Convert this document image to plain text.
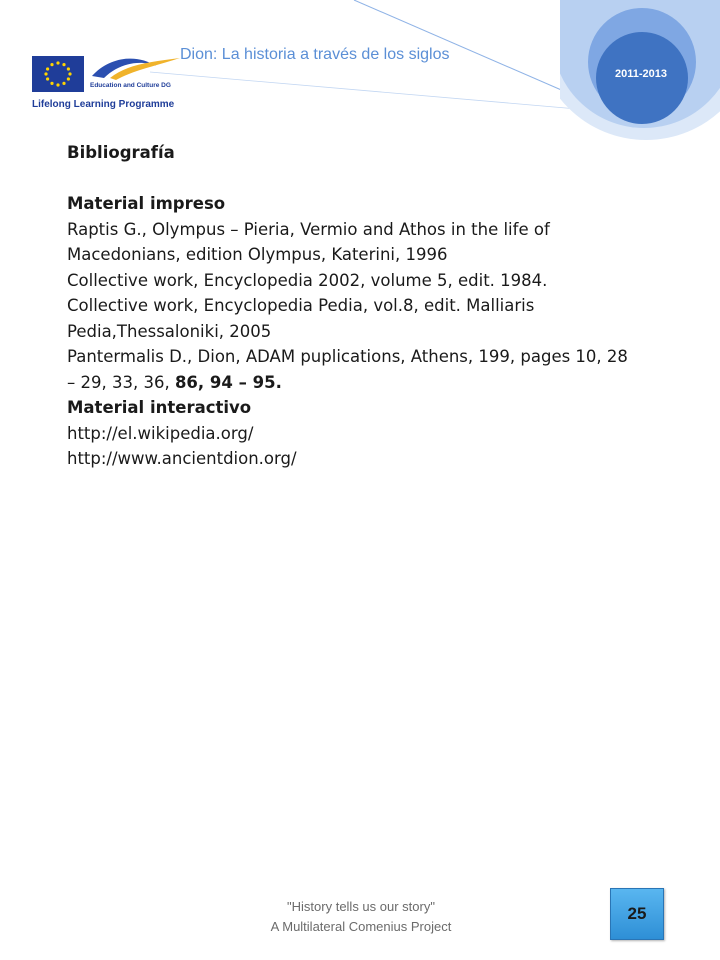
Education and Culture DG
Lifelong Learning Programme
Dion: La historia a través de los siglos
2011-2013

Bibliografía

Material impreso

Raptis G., Olympus – Pieria, Vermio and Athos in the life of

Macedonians, edition Olympus, Katerini, 1996

Collective work, Encyclopedia 2002, volume 5, edit. 1984.

Collective work, Encyclopedia Pedia, vol.8, edit. Malliaris

Pedia,Thessaloniki, 2005

Pantermalis D., Dion, ADAM puplications, Athens, 199, pages 10, 28

– 29, 33, 36, 86, 94 – 95.

Material interactivo

http://el.wikipedia.org/

http://www.ancientdion.org/

"History tells us our story"
A Multilateral Comenius Project
25
